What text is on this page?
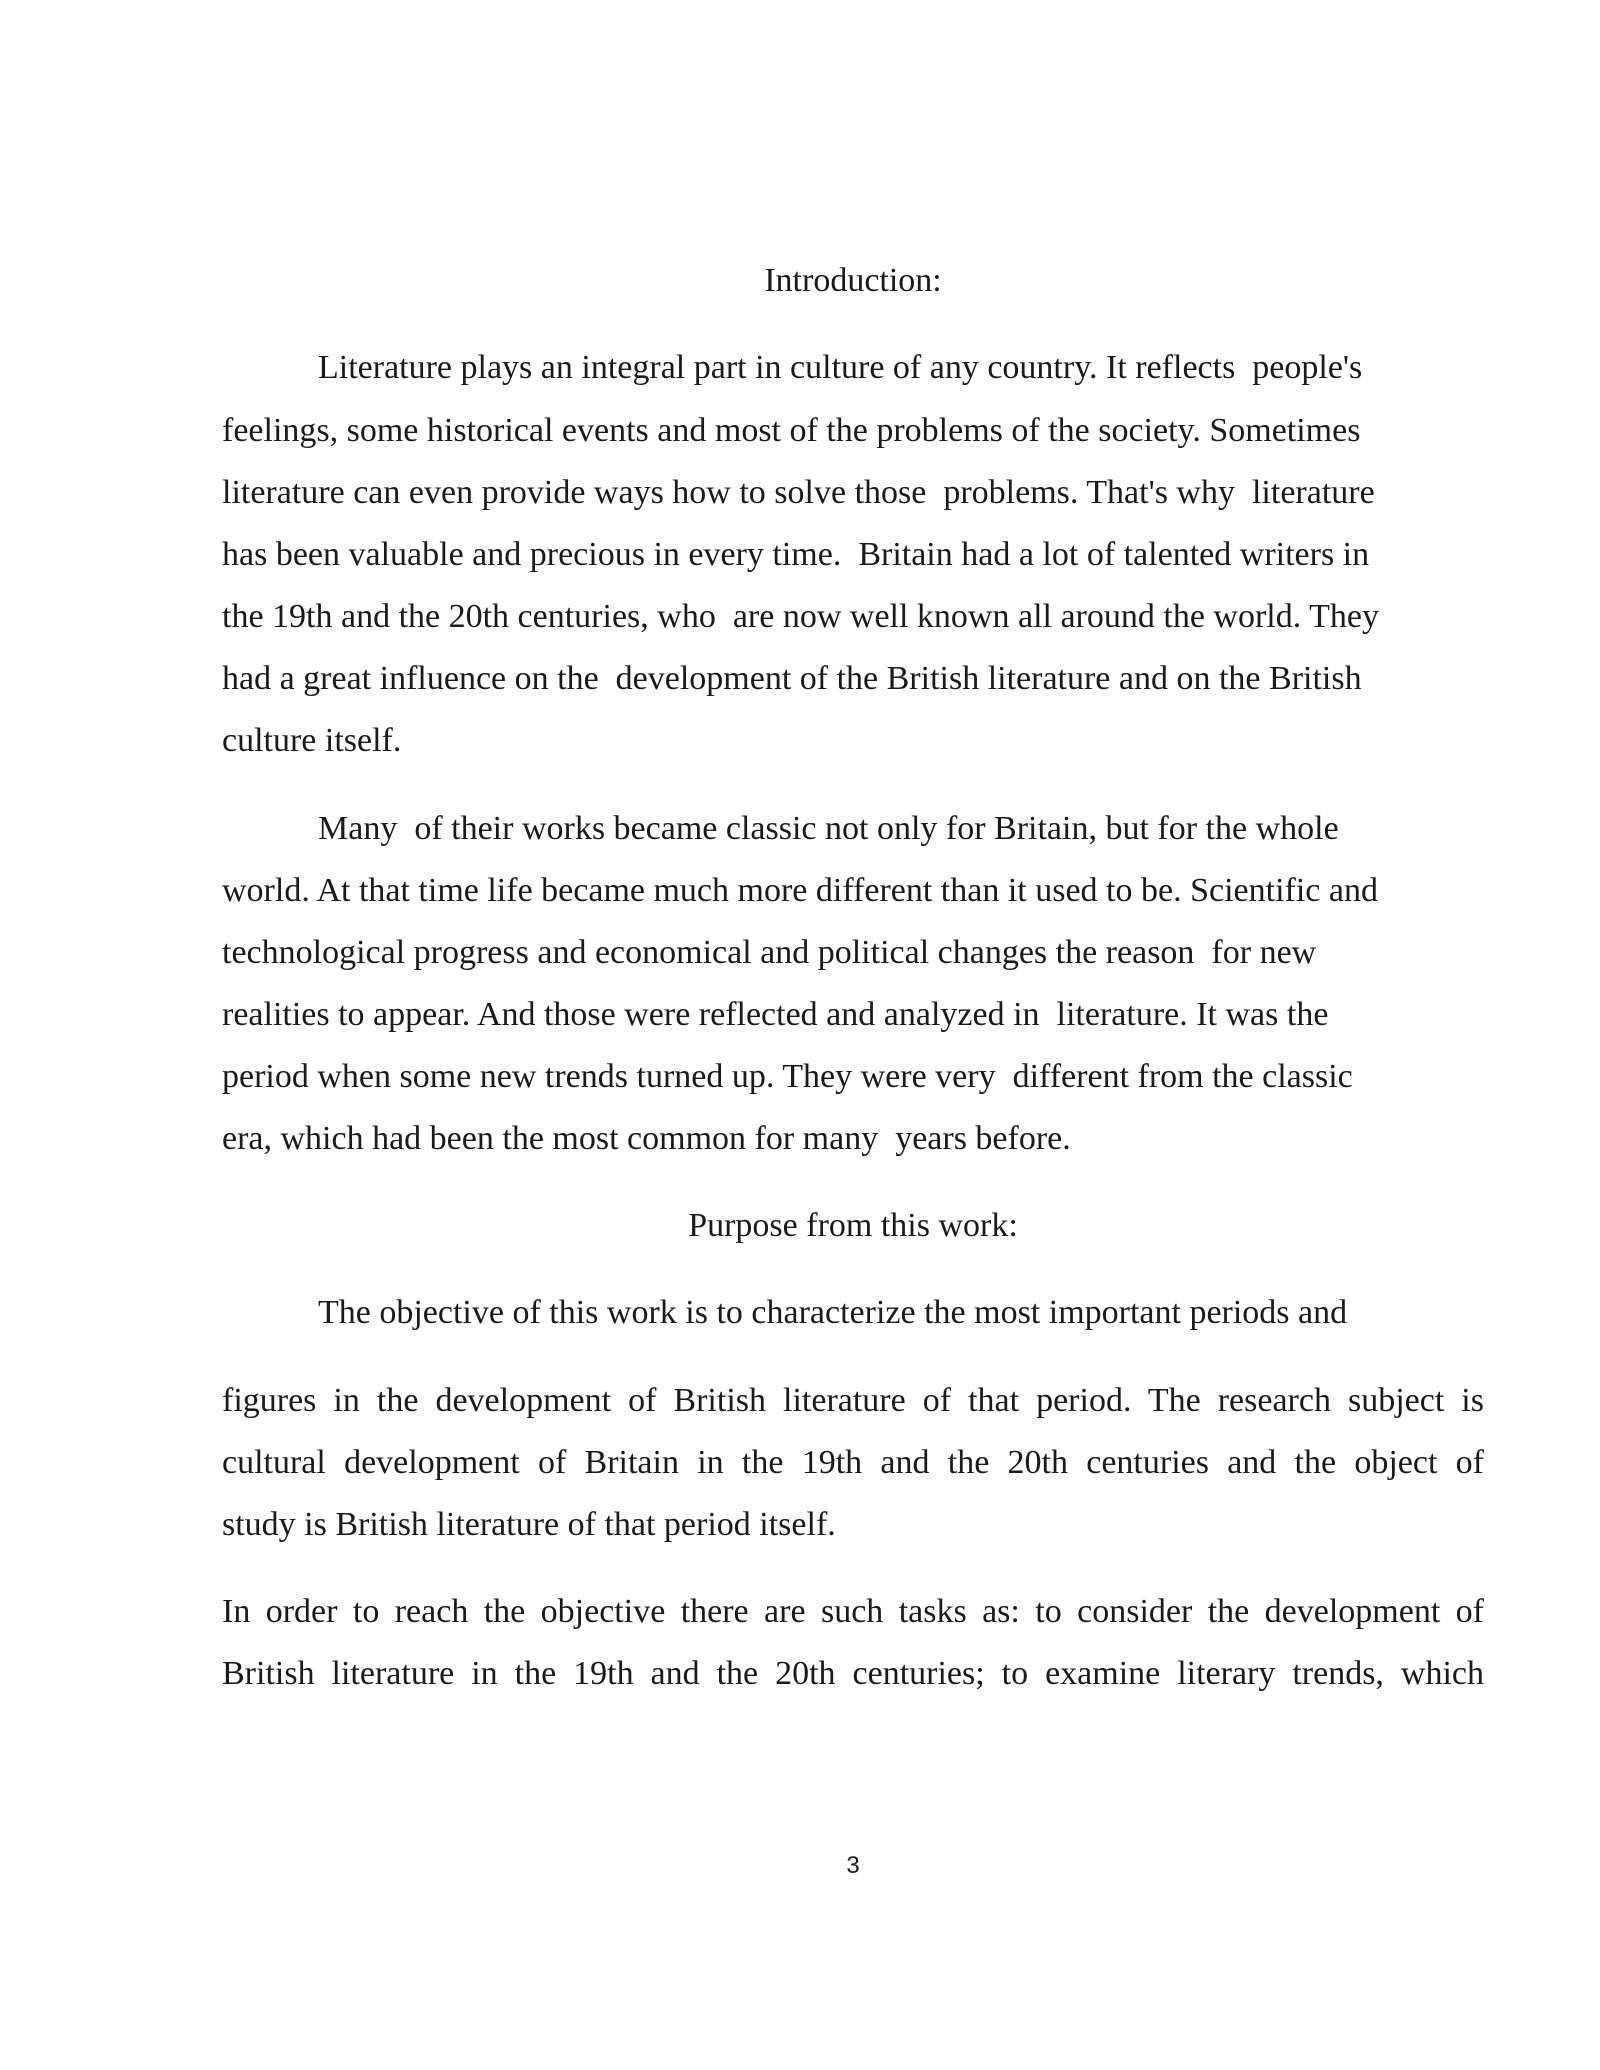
Introduction:
Literature plays an integral part in culture of any country. It reflects  people's
feelings, some historical events and most of the problems of the society. Sometimes
literature can even provide ways how to solve those  problems. That's why  literature
has been valuable and precious in every time.  Britain had a lot of talented writers in
the 19th and the 20th centuries, who  are now well known all around the world. They
had a great influence on the  development of the British literature and on the British
culture itself.
Many  of their works became classic not only for Britain, but for the whole
world. At that time life became much more different than it used to be. Scientific and
technological progress and economical and political changes the reason  for new
realities to appear. And those were reflected and analyzed in  literature. It was the
period when some new trends turned up. They were very  different from the classic
era, which had been the most common for many  years before.
Purpose from this work:
The objective of this work is to characterize the most important periods and
figures in the development of British literature of that period. The research subject is
cultural development of Britain in the 19th and the 20th centuries and the object of
study is British literature of that period itself.
In order to reach the objective there are such tasks as: to consider the development of
British literature in the 19th and the 20th centuries; to examine literary trends, which
3
